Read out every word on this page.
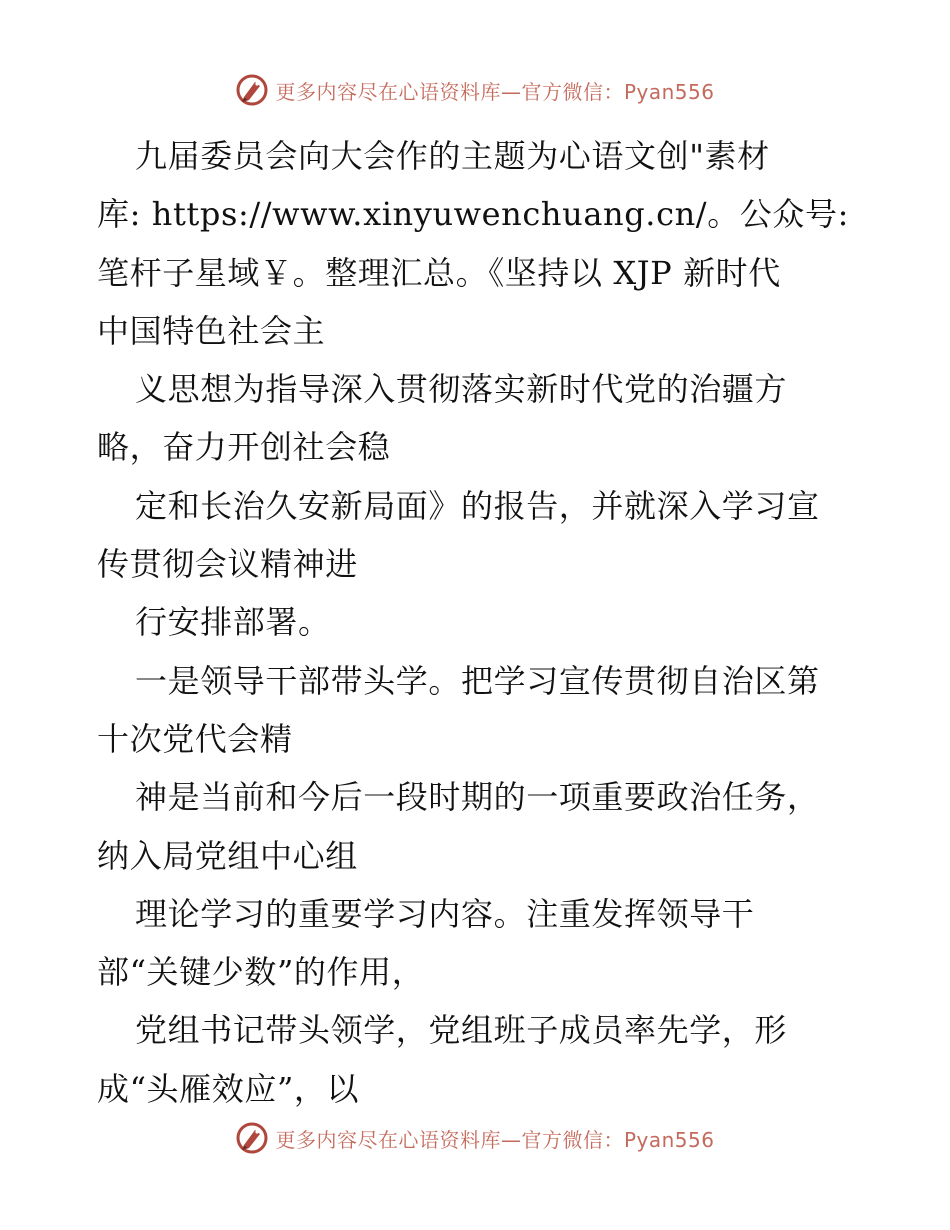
更多内容尽在心语资料库—官方微信：Pyan556
九届委员会向大会作的主题为心语文创"素材
库: https://www.xinyuwenchuang.cn/。公众号:
笔杆子星域￥。整理汇总。《坚持以 XJP 新时代
中国特色社会主
义思想为指导深入贯彻落实新时代党的治疆方
略，奋力开创社会稳
定和长治久安新局面》的报告，并就深入学习宣
传贯彻会议精神进
行安排部署。
一是领导干部带头学。把学习宣传贯彻自治区第
十次党代会精
神是当前和今后一段时期的一项重要政治任务，
纳入局党组中心组
理论学习的重要学习内容。注重发挥领导干
部“关键少数”的作用，
党组书记带头领学，党组班子成员率先学，形
成“头雁效应”，以
更多内容尽在心语资料库—官方微信：Pyan556
